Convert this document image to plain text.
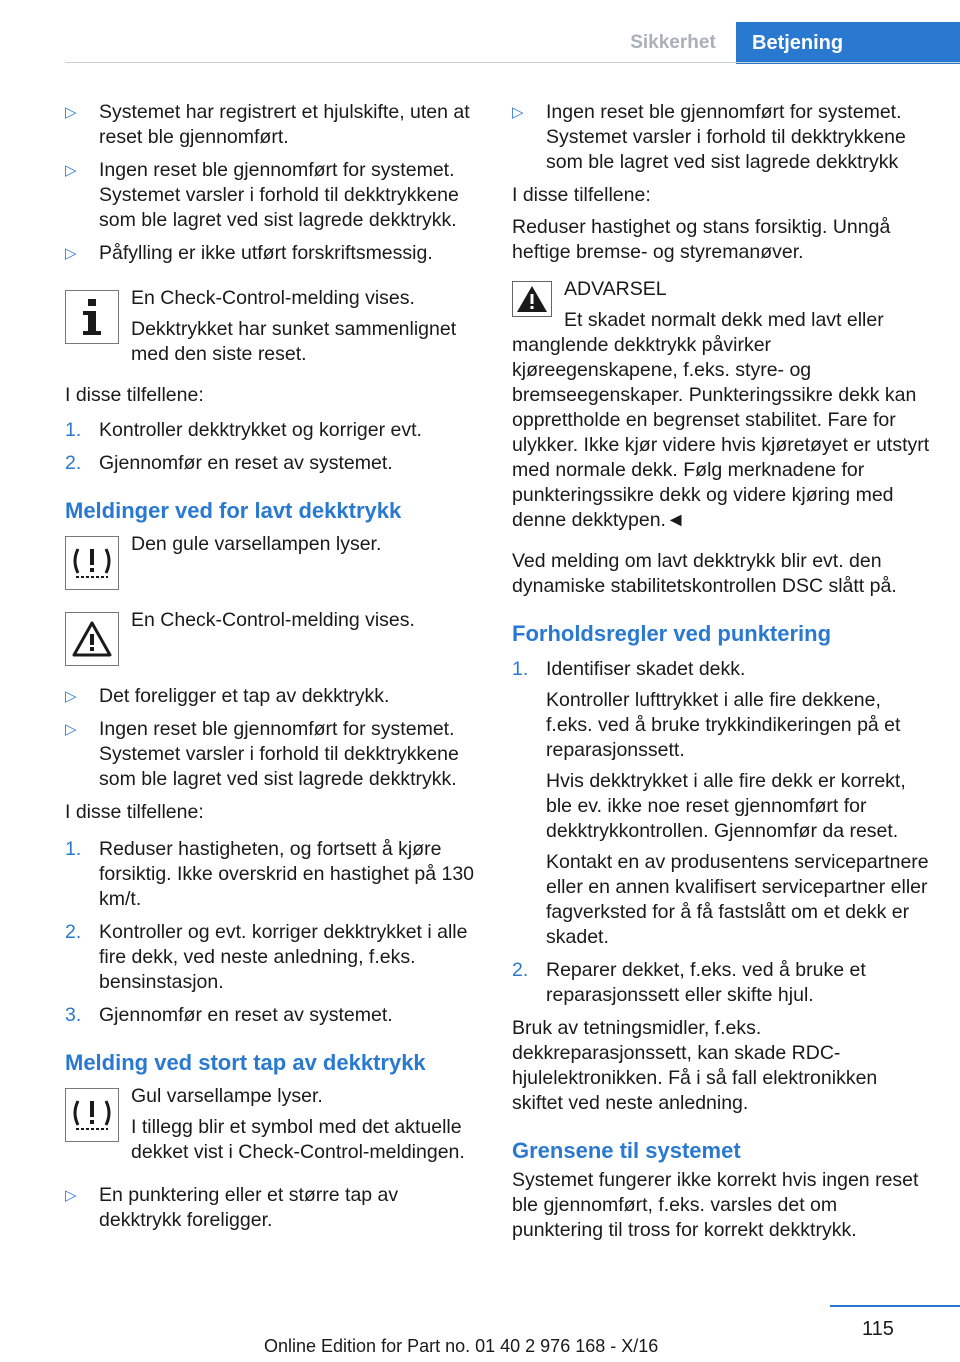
Sikkerhet	Betjening
▷ Systemet har registrert et hjulskifte, uten at reset ble gjennomført.
▷ Ingen reset ble gjennomført for systemet. Systemet varsler i forhold til dekktrykkene som ble lagret ved sist lagrede dekktrykk.
▷ Påfylling er ikke utført forskriftsmessig.
En Check-Control-melding vises.
Dekktrykket har sunket sammenlignet med den siste reset.
I disse tilfellene:
1. Kontroller dekktrykket og korriger evt.
2. Gjennomfør en reset av systemet.
Meldinger ved for lavt dekktrykk
Den gule varsellampen lyser.
En Check-Control-melding vises.
▷ Det foreligger et tap av dekktrykk.
▷ Ingen reset ble gjennomført for systemet. Systemet varsler i forhold til dekktrykkene som ble lagret ved sist lagrede dekktrykk.
I disse tilfellene:
1. Reduser hastigheten, og fortsett å kjøre forsiktig. Ikke overskrid en hastighet på 130 km/t.
2. Kontroller og evt. korriger dekktrykket i alle fire dekk, ved neste anledning, f.eks. bensinstasjon.
3. Gjennomfør en reset av systemet.
Melding ved stort tap av dekktrykk
Gul varsellampe lyser.
I tillegg blir et symbol med det aktuelle dekket vist i Check-Control-meldingen.
▷ En punktering eller et større tap av dekktrykk foreligger.
▷ Ingen reset ble gjennomført for systemet. Systemet varsler i forhold til dekktrykkene som ble lagret ved sist lagrede dekktrykk
I disse tilfellene:
Reduser hastighet og stans forsiktig. Unngå heftige bremse- og styremanøver.
ADVARSEL
Et skadet normalt dekk med lavt eller
manglende dekktrykk påvirker kjøreegenskapene, f.eks. styre- og bremseegenskaper. Punkteringssikre dekk kan opprettholde en begrenset stabilitet. Fare for ulykker. Ikke kjør videre hvis kjøretøyet er utstyrt med normale dekk. Følg merknadene for punkteringssikre dekk og videre kjøring med denne dekktypen.◄
Ved melding om lavt dekktrykk blir evt. den dynamiske stabilitetskontrollen DSC slått på.
Forholdsregler ved punktering
1. Identifiser skadet dekk.
Kontroller lufttrykket i alle fire dekkene, f.eks. ved å bruke trykkindikeringen på et reparasjonssett.
Hvis dekktrykket i alle fire dekk er korrekt, ble ev. ikke noe reset gjennomført for dekktrykkontrollen. Gjennomfør da reset.
Kontakt en av produsentens servicepartnere eller en annen kvalifisert servicepartner eller fagverksted for å få fastslått om et dekk er skadet.
2. Reparer dekket, f.eks. ved å bruke et reparasjonssett eller skifte hjul.
Bruk av tetningsmidler, f.eks. dekkreparasjonssett, kan skade RDC-hjulelektronikken. Få i så fall elektronikken skiftet ved neste anledning.
Grensene til systemet
Systemet fungerer ikke korrekt hvis ingen reset ble gjennomført, f.eks. varsles det om punktering til tross for korrekt dekktrykk.
115
Online Edition for Part no. 01 40 2 976 168 - X/16
